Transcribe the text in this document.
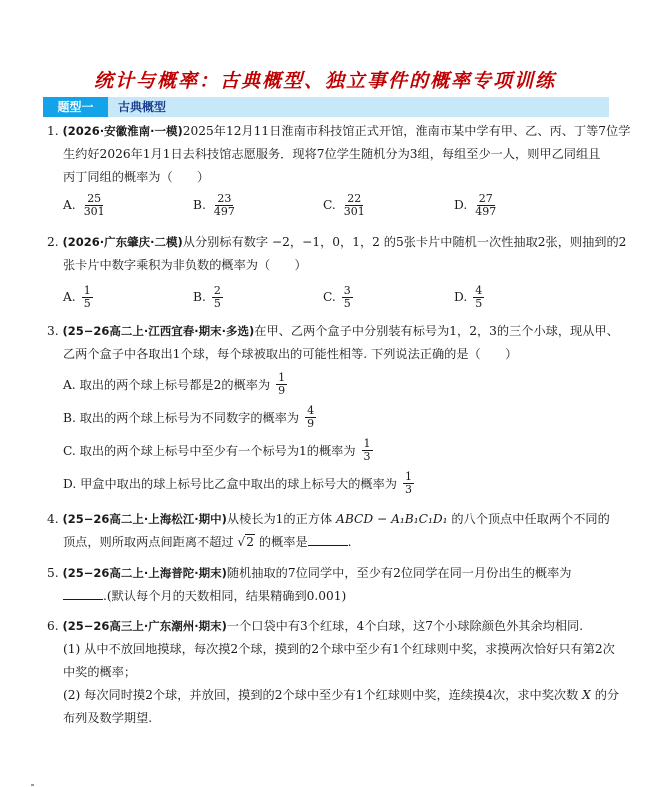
统计与概率：古典概型、独立事件的概率专项训练
题型一	古典概型
1. (2026·安徽淮南·一模)2025年12月11日淮南市科技馆正式开馆，淮南市某中学有甲、乙、丙、丁等7位学
生约好2026年1月1日去科技馆志愿服务．现将7位学生随机分为3组，每组至少一人，则甲乙同组且
丙丁同组的概率为（　　）
A. $\frac{25}{301}$	B. $\frac{23}{497}$	C. $\frac{22}{301}$	D. $\frac{27}{497}$
2. (2026·广东肇庆·二模)从分别标有数字 −2，−1，0，1，2 的5张卡片中随机一次性抽取2张，则抽到的2
张卡片中数字乘积为非负数的概率为（　　）
A. $\frac{1}{5}$	B. $\frac{2}{5}$	C. $\frac{3}{5}$	D. $\frac{4}{5}$
3. (25−26高二上·江西宜春·期末·多选)在甲、乙两个盒子中分别装有标号为1，2，3的三个小球，现从甲、
乙两个盒子中各取出1个球，每个球被取出的可能性相等. 下列说法正确的是（　　）
A.
取出的两个球上标号都是2的概率为 $\frac{1}{9}$
B.
取出的两个球上标号为不同数字的概率为 $\frac{4}{9}$
C.
取出的两个球上标号中至少有一个标号为1的概率为 $\frac{1}{3}$
D.
甲盒中取出的球上标号比乙盒中取出的球上标号大的概率为 $\frac{1}{3}$
4. (25−26高二上·上海松江·期中)从棱长为1的正方体 ABCD − A₁B₁C₁D₁ 的八个顶点中任取两个不同的
顶点，则所取两点间距离不超过 √2 的概率是	.
5. (25−26高二上·上海普陀·期末)随机抽取的7位同学中，至少有2位同学在同一月份出生的概率为
.(默认每个月的天数相同，结果精确到0.001)
6. (25−26高三上·广东潮州·期末)一个口袋中有3个红球，4个白球，这7个小球除颜色外其余均相同.
(1) 从中不放回地摸球，每次摸2个球，摸到的2个球中至少有1个红球则中奖，求摸两次恰好只有第2次
中奖的概率；
(2) 每次同时摸2个球，并放回，摸到的2个球中至少有1个红球则中奖，连续摸4次，求中奖次数 X 的分
布列及数学期望.
